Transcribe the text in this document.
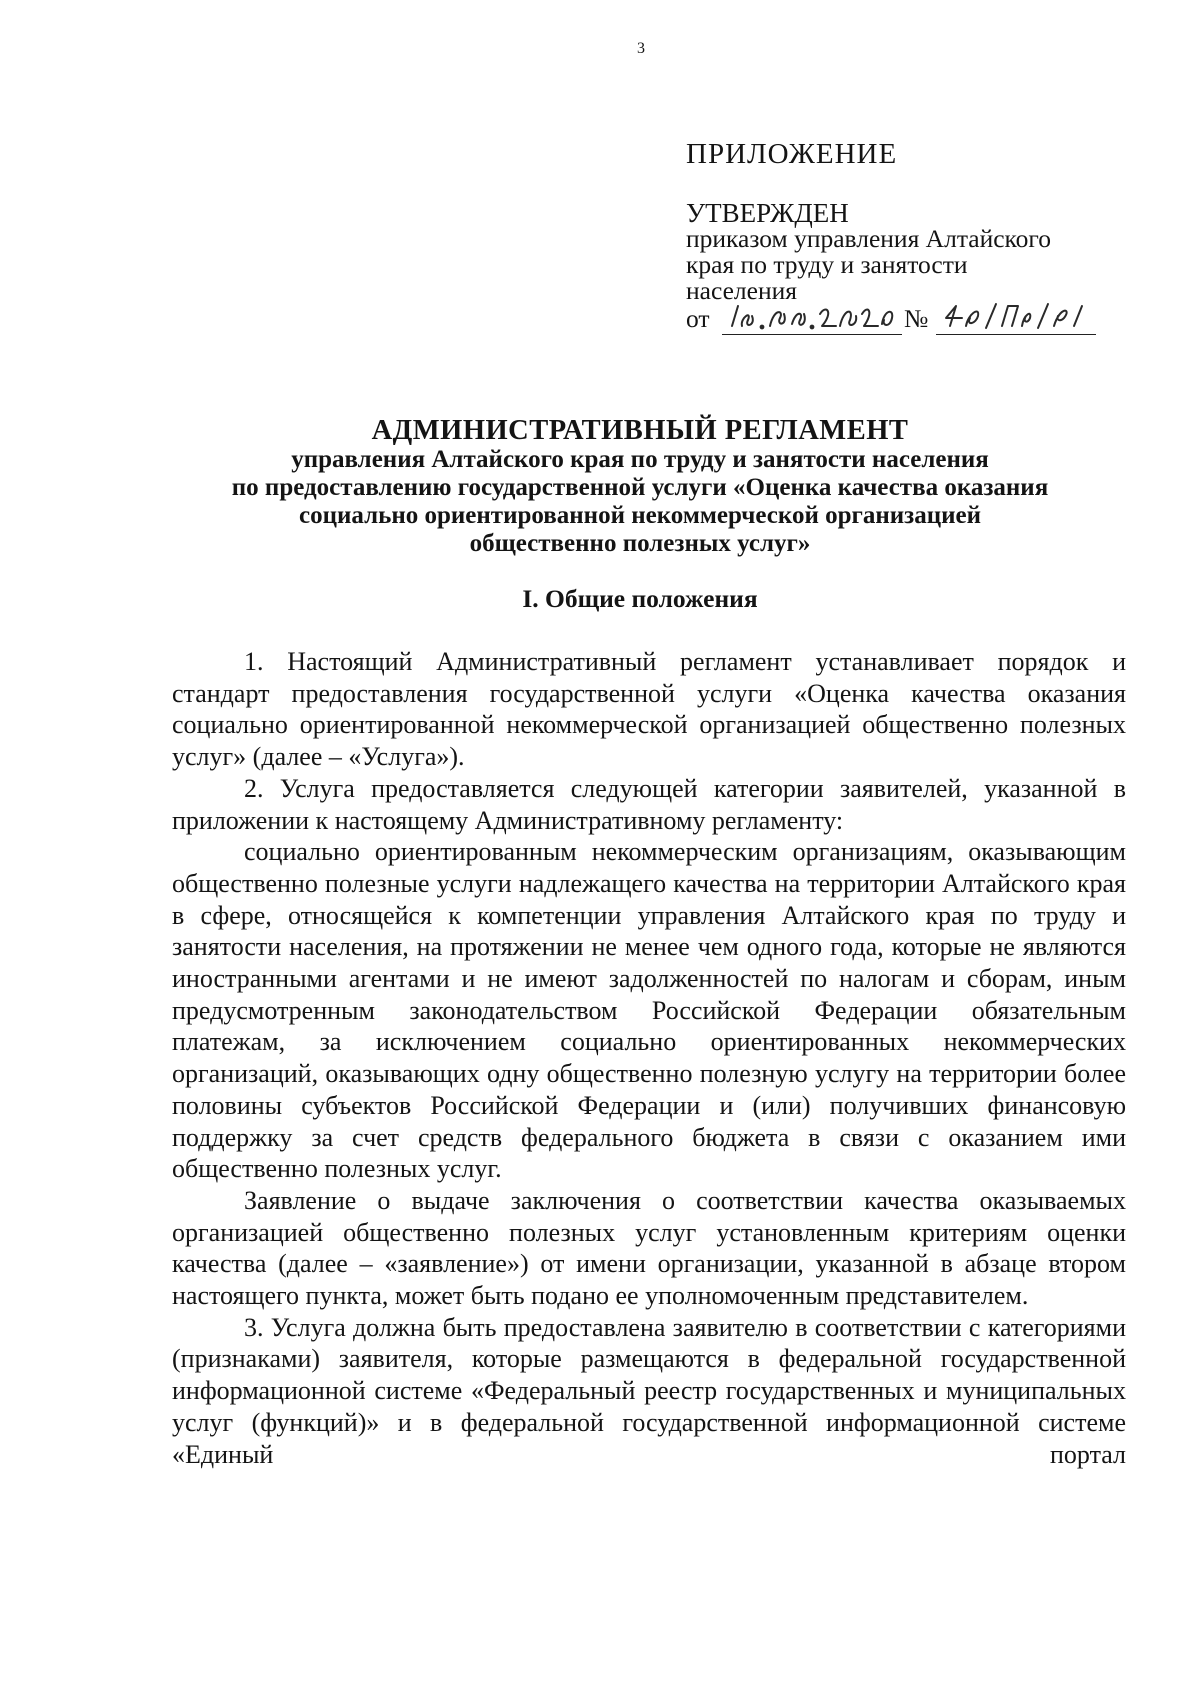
3
ПРИЛОЖЕНИЕ
УТВЕРЖДЕН
приказом управления Алтайского
края по труду и занятости
населения
от	№
АДМИНИСТРАТИВНЫЙ РЕГЛАМЕНТ
управления Алтайского края по труду и занятости населения
по предоставлению государственной услуги «Оценка качества оказания
социально ориентированной некоммерческой организацией
общественно полезных услуг»
I. Общие положения

1. Настоящий Административный регламент устанавливает порядок и стандарт предоставления государственной услуги «Оценка качества оказания социально ориентированной некоммерческой организацией общественно полезных услуг» (далее – «Услуга»).

2. Услуга предоставляется следующей категории заявителей, указанной в приложении к настоящему Административному регламенту:

социально ориентированным некоммерческим организациям, оказывающим общественно полезные услуги надлежащего качества на территории Алтайского края в сфере, относящейся к компетенции управления Алтайского края по труду и занятости населения, на протяжении не менее чем одного года, которые не являются иностранными агентами и не имеют задолженностей по налогам и сборам, иным предусмотренным законодательством Российской Федерации обязательным платежам, за исключением социально ориентированных некоммерческих организаций, оказывающих одну общественно полезную услугу на территории более половины субъектов Российской Федерации и (или) получивших финансовую поддержку за счет средств федерального бюджета в связи с оказанием ими общественно полезных услуг.

Заявление о выдаче заключения о соответствии качества оказываемых организацией общественно полезных услуг установленным критериям оценки качества (далее – «заявление») от имени организации, указанной в абзаце втором настоящего пункта, может быть подано ее уполномоченным представителем.

3. Услуга должна быть предоставлена заявителю в соответствии с категориями (признаками) заявителя, которые размещаются в федеральной государственной информационной системе «Федеральный реестр государственных и муниципальных услуг (функций)» и в федеральной государственной информационной системе «Единый портал
